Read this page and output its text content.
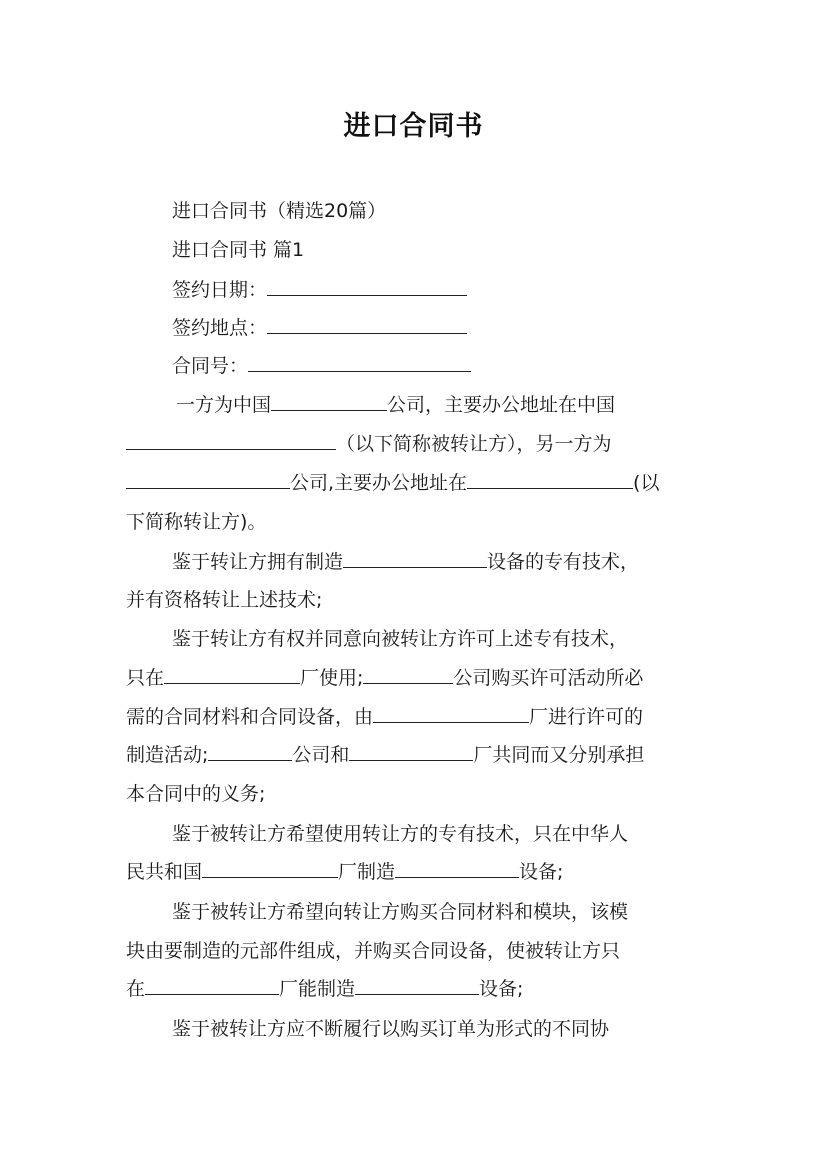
进口合同书
进口合同书（精选20篇）
进口合同书 篇1
签约日期：
签约地点：
合同号：
一方为中国	公司，主要办公地址在中国
（以下简称被转让方），另一方为
公司,主要办公地址在	(以
下简称转让方)。
鉴于转让方拥有制造	设备的专有技术，
并有资格转让上述技术;
鉴于转让方有权并同意向被转让方许可上述专有技术，
只在	厂使用;	公司购买许可活动所必
需的合同材料和合同设备，由	厂进行许可的
制造活动;	公司和	厂共同而又分别承担
本合同中的义务;
鉴于被转让方希望使用转让方的专有技术，只在中华人
民共和国	厂制造	设备;
鉴于被转让方希望向转让方购买合同材料和模块，该模
块由要制造的元部件组成，并购买合同设备，使被转让方只
在	厂能制造	设备;
鉴于被转让方应不断履行以购买订单为形式的不同协
